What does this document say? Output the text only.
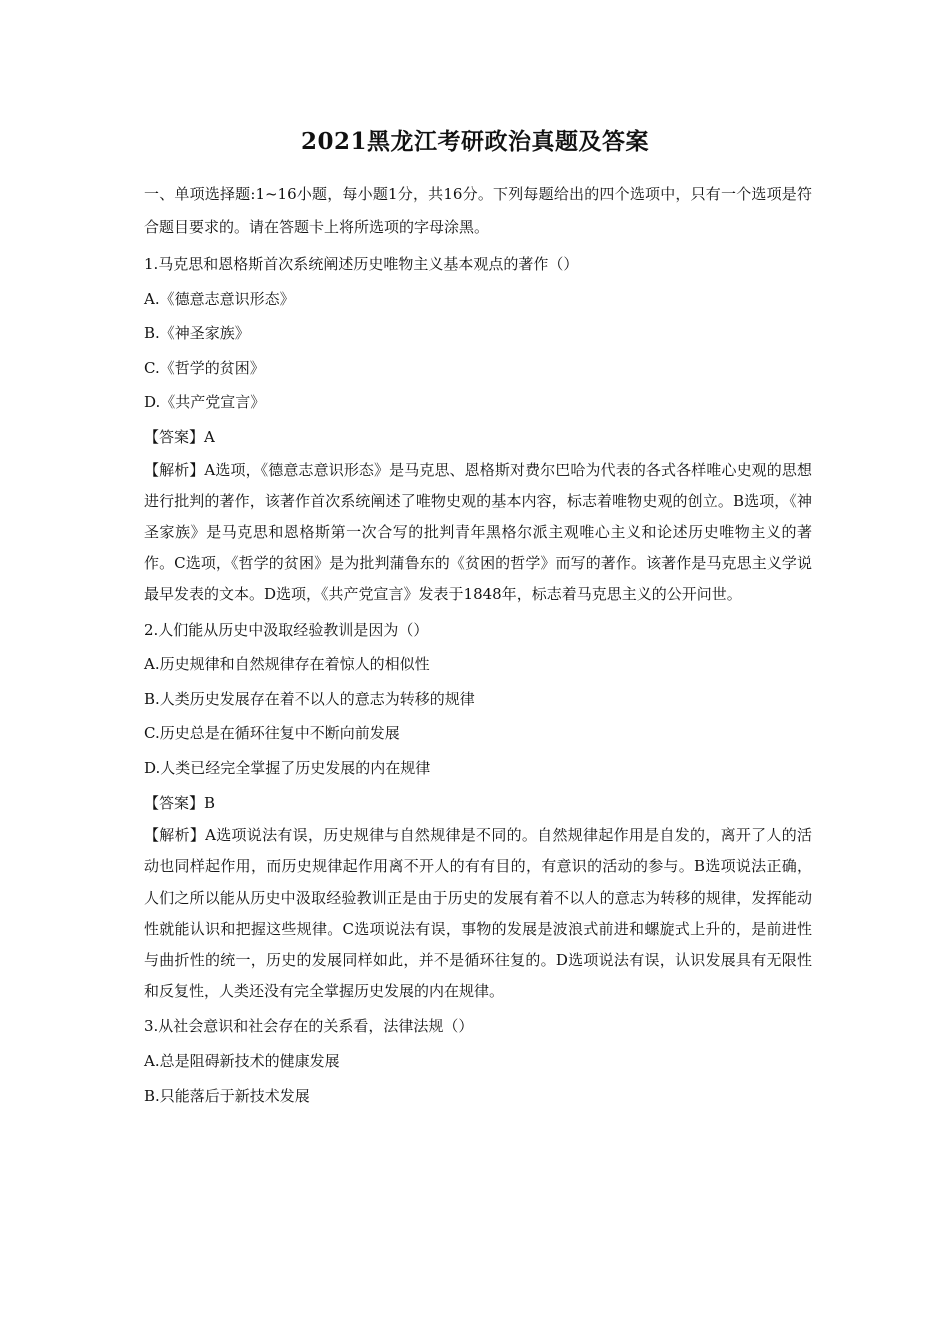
2021黑龙江考研政治真题及答案

一、单项选择题:1~16小题，每小题1分，共16分。下列每题给出的四个选项中，只有一个选项是符合题目要求的。请在答题卡上将所选项的字母涂黑。

1.马克思和恩格斯首次系统阐述历史唯物主义基本观点的著作（）
A.《德意志意识形态》
B.《神圣家族》
C.《哲学的贫困》
D.《共产党宣言》
【答案】A

【解析】A选项，《德意志意识形态》是马克思、恩格斯对费尔巴哈为代表的各式各样唯心史观的思想进行批判的著作，该著作首次系统阐述了唯物史观的基本内容，标志着唯物史观的创立。B选项，《神圣家族》是马克思和恩格斯第一次合写的批判青年黑格尔派主观唯心主义和论述历史唯物主义的著作。C选项，《哲学的贫困》是为批判蒲鲁东的《贫困的哲学》而写的著作。该著作是马克思主义学说最早发表的文本。D选项，《共产党宣言》发表于1848年，标志着马克思主义的公开问世。

2.人们能从历史中汲取经验教训是因为（）
A.历史规律和自然规律存在着惊人的相似性
B.人类历史发展存在着不以人的意志为转移的规律
C.历史总是在循环往复中不断向前发展
D.人类已经完全掌握了历史发展的内在规律
【答案】B

【解析】A选项说法有误，历史规律与自然规律是不同的。自然规律起作用是自发的，离开了人的活动也同样起作用，而历史规律起作用离不开人的有有目的，有意识的活动的参与。B选项说法正确，人们之所以能从历史中汲取经验教训正是由于历史的发展有着不以人的意志为转移的规律，发挥能动性就能认识和把握这些规律。C选项说法有误，事物的发展是波浪式前进和螺旋式上升的，是前进性与曲折性的统一，历史的发展同样如此，并不是循环往复的。D选项说法有误，认识发展具有无限性和反复性，人类还没有完全掌握历史发展的内在规律。

3.从社会意识和社会存在的关系看，法律法规（）
A.总是阻碍新技术的健康发展
B.只能落后于新技术发展
